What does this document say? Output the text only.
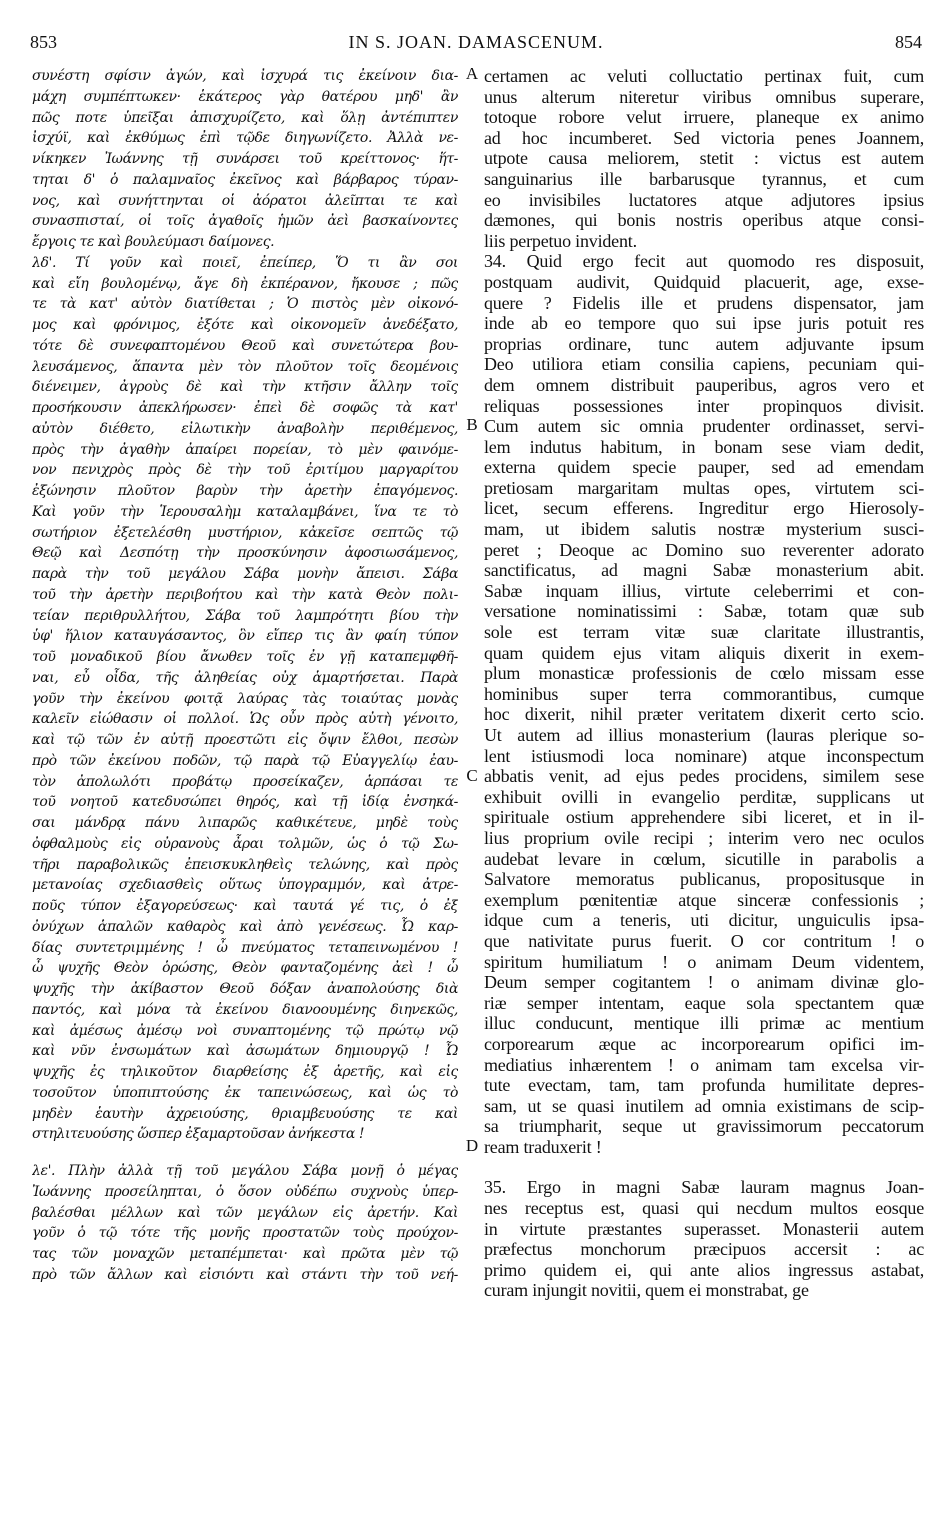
853	IN S. JOAN. DAMASCENUM.	854
συνέστη σφίσιν ἀγών, καὶ ἰσχυρά τις ἐκείνοιν δια-
μάχη συμπέπτωκεν· ἑκάτερος γὰρ θατέρου μηδ' ἂν
πῶς ποτε ὑπεῖξαι ἀπισχυρίζετο, καὶ ὅλῃ ἀντέπιπτεν
ἰσχύϊ, καὶ ἐκθύμως ἐπὶ τῷδε διηγωνίζετο. Ἀλλὰ νε-
νίκηκεν Ἰωάννης τῇ συνάρσει τοῦ κρείττονος· ἥτ-
τηται δ' ὁ παλαμναῖος ἐκεῖνος καὶ βάρβαρος τύραν-
νος, καὶ συνήττηνται οἱ ἀόρατοι ἀλεῖπται τε καὶ
συνασπισταί, οἱ τοῖς ἀγαθοῖς ἡμῶν ἀεὶ βασκαίνοντες
ἔργοις τε καὶ βουλεύμασι δαίμονες.
λδ'. Τί γοῦν καὶ ποιεῖ, ἐπείπερ, Ὅ τι ἂν σοι
καὶ εἴη βουλομένῳ, ἄγε δὴ ἐκπέρανον, ἤκουσε ; πῶς
τε τὰ κατ' αὐτὸν διατίθεται ; Ὁ πιστὸς μὲν οἰκονό-
μος καὶ φρόνιμος, ἐξότε καὶ οἰκονομεῖν ἀνεδέξατο,
τότε δὲ συνεφαπτομένου Θεοῦ καὶ συνετώτερα βου-
λευσάμενος, ἅπαντα μὲν τὸν πλοῦτον τοῖς δεομένοις
διένειμεν, ἀγροὺς δὲ καὶ τὴν κτῆσιν ἄλλην τοῖς
προσήκουσιν ἀπεκλήρωσεν· ἐπεὶ δὲ σοφῶς τὰ κατ'
αὐτὸν διέθετο, εἰλωτικὴν ἀναβολὴν περιθέμενος,
πρὸς τὴν ἀγαθὴν ἀπαίρει πορείαν, τὸ μὲν φαινόμε-
νον πενιχρὸς πρὸς δὲ τὴν τοῦ ἐριτίμου μαργαρίτου
ἐξώνησιν πλοῦτον βαρὺν τὴν ἀρετὴν ἐπαγόμενος.
Καὶ γοῦν τὴν Ἱερουσαλὴμ καταλαμβάνει, ἵνα τε τὸ
σωτήριον ἐξετελέσθη μυστήριον, κἀκεῖσε σεπτῶς τῷ
Θεῷ καὶ Δεσπότῃ τὴν προσκύνησιν ἀφοσιωσάμενος,
παρὰ τὴν τοῦ μεγάλου Σάβα μονὴν ἄπεισι. Σάβα
τοῦ τὴν ἀρετὴν περιβοήτου καὶ τὴν κατὰ Θεὸν πολι-
τείαν περιθρυλλήτου, Σάβα τοῦ λαμπρότητι βίου τὴν
ὑφ' ἥλιον καταυγάσαντος, ὃν εἴπερ τις ἂν φαίη τύπον
τοῦ μοναδικοῦ βίου ἄνωθεν τοῖς ἐν γῇ καταπεμφθῆ-
ναι, εὖ οἶδα, τῆς ἀληθείας οὐχ ἁμαρτήσεται. Παρὰ
γοῦν τὴν ἐκείνου φοιτᾷ λαύρας τὰς τοιαύτας μονὰς
καλεῖν εἰώθασιν οἱ πολλοί. Ὡς οὖν πρὸς αὐτὴ γένοιτο,
καὶ τῷ τῶν ἐν αὐτῇ προεστῶτι εἰς ὄψιν ἔλθοι, πεσὼν
πρὸ τῶν ἐκείνου ποδῶν, τῷ παρὰ τῷ Εὐαγγελίῳ ἐαυ-
τὸν ἀπολωλότι προβάτῳ προσείκαζεν, ἁρπάσαι τε
τοῦ νοητοῦ κατεδυσώπει θηρός, καὶ τῇ ἰδίᾳ ἐνσηκά-
σαι μάνδρᾳ πάνυ λιπαρῶς καθικέτευε, μηδὲ τοὺς
ὀφθαλμοὺς εἰς οὐρανοὺς ἆραι τολμῶν, ὡς ὁ τῷ Σω-
τῆρι παραβολικῶς ἐπεισκυκληθεὶς τελώνης, καὶ πρὸς
μετανοίας σχεδιασθεὶς οὕτως ὑπογραμμόν, καὶ ἀτρε-
ποῦς τύπον ἐξαγορεύσεως· καὶ ταυτά γέ τις, ὁ ἐξ
ὀνύχων ἁπαλῶν καθαρὸς καὶ ἀπὸ γενέσεως. Ὦ καρ-
δίας συντετριμμένης ! ὦ πνεύματος τεταπεινωμένου !
ὦ ψυχῆς Θεὸν ὁρώσης, Θεὸν φανταζομένης ἀεὶ ! ὦ
ψυχῆς τὴν ἀκίβαστον Θεοῦ δόξαν ἀναπολούσης διὰ
παντός, καὶ μόνα τὰ ἐκείνου διανοουμένης διηνεκῶς,
καὶ ἀμέσως ἀμέσῳ νοὶ συναπτομένης τῷ πρώτῳ νῷ
καὶ νῦν ἐνσωμάτων καὶ ἀσωμάτων δημιουργῷ ! Ὦ
ψυχῆς ἐς τηλικοῦτον διαρθείσης ἐξ ἀρετῆς, καὶ εἰς
τοσοῦτον ὑποπιπτούσης ἐκ ταπεινώσεως, καὶ ὡς τὸ
μηδὲν ἑαυτὴν ἀχρειούσης, θριαμβευούσης τε καὶ
στηλιτευούσης ὥσπερ ἐξαμαρτοῦσαν ἀνήκεστα !
λε'. Πλὴν ἀλλὰ τῇ τοῦ μεγάλου Σάβα μονῇ ὁ μέγας
Ἰωάννης προσείληπται, ὁ ὅσον οὐδέπω συχνοὺς ὑπερ-
βαλέσθαι μέλλων καὶ τῶν μεγάλων εἰς ἀρετήν. Καὶ
γοῦν ὁ τῷ τότε τῆς μονῆς προστατῶν τοὺς προύχον-
τας τῶν μοναχῶν μεταπέμπεται· καὶ πρῶτα μὲν τῷ
πρὸ τῶν ἄλλων καὶ εἰσιόντι καὶ στάντι τὴν τοῦ νεή-
certamen ac veluti colluctatio pertinax fuit, cum
unus alterum niteretur viribus omnibus superare,
totoque robore velut irruere, planeque ex animo
ad hoc incumberet. Sed victoria penes Joannem,
utpote causa meliorem, stetit : victus est autem
sanguinarius ille barbarusque tyrannus, et cum
eo invisibiles luctatores atque adjutores ipsius
dæmones, qui bonis nostris operibus atque consi-
liis perpetuo invident.
34. Quid ergo fecit aut quomodo res disposuit,
postquam audivit, Quidquid placuerit, age, exse-
quere ? Fidelis ille et prudens dispensator, jam
inde ab eo tempore quo sui ipse juris potuit res
proprias ordinare, tunc autem adjuvante ipsum
Deo utiliora etiam consilia capiens, pecuniam qui-
dem omnem distribuit pauperibus, agros vero et
reliquas possessiones inter propinquos divisit.
Cum autem sic omnia prudenter ordinasset, servi-
lem indutus habitum, in bonam sese viam dedit,
externa quidem specie pauper, sed ad emendam
pretiosam margaritam multas opes, virtutem sci-
licet, secum efferens. Ingreditur ergo Hierosoly-
mam, ut ibidem salutis nostræ mysterium susci-
peret ; Deoque ac Domino suo reverenter adorato
sanctificatus, ad magni Sabæ monasterium abit.
Sabæ inquam illius, virtute celeberrimi et con-
versatione nominatissimi : Sabæ, totam quæ sub
sole est terram vitæ suæ claritate illustrantis,
quam quidem ejus vitam aliquis dixerit in exem-
plum monasticæ professionis de cœlo missam esse
hominibus super terra commorantibus, cumque
hoc dixerit, nihil præter veritatem dixerit certo scio.
Ut autem ad illius monasterium (lauras plerique so-
lent istiusmodi loca nominare) atque inconspectum
abbatis venit, ad ejus pedes procidens, similem sese
exhibuit ovilli in evangelio perditæ, supplicans ut
spirituale ostium apprehendere sibi liceret, et in il-
lius proprium ovile recipi ; interim vero nec oculos
audebat levare in cœlum, sicutille in parabolis a
Salvatore memoratus publicanus, propositusque in
exemplum pœnitentiæ atque sinceræ confessionis ;
idque cum a teneris, uti dicitur, unguiculis ipsa-
que nativitate purus fuerit. O cor contritum ! o
spiritum humiliatum ! o animam Deum videntem,
Deum semper cogitantem ! o animam divinæ glo-
riæ semper intentam, eaque sola spectantem quæ
illuc conducunt, mentique illi primæ ac mentium
corporearum æque ac incorporearum opifici im-
mediatius inhærentem ! o animam tam excelsa vir-
tute evectam, tam, tam profunda humilitate depres-
sam, ut se quasi inutilem ad omnia existimans de scip-
sa triumpharit, seque ut gravissimorum peccatorum
ream traduxerit !
35. Ergo in magni Sabæ lauram magnus Joan-
nes receptus est, quasi qui necdum multos eosque
in virtute præstantes superasset. Monasterii autem
præfectus monchorum præcipuos accersit : ac
primo quidem ei, qui ante alios ingressus astabat,
curam injungit novitii, quem ei monstrabat, ge
A
B
C
D
